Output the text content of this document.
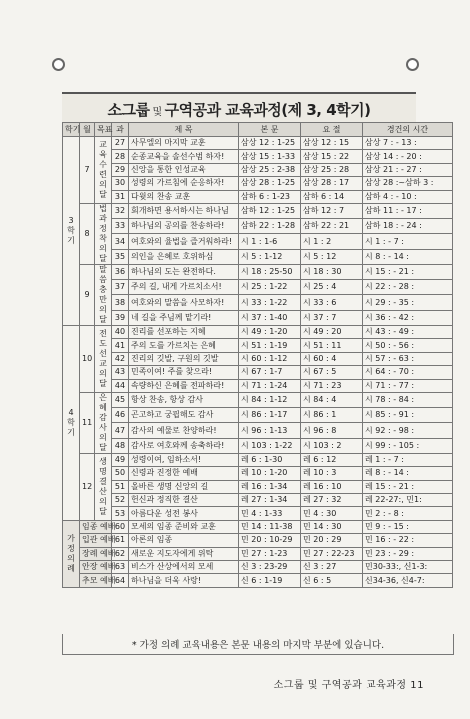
소그룹 및 구역공과 교육과정(제 3, 4학기)
학기	월	목표	과	제 목	본 문	요 절	경건의 시간
3 학 기	7	교육수련의달	27	사무엘의 마지막 교훈	삼상 12 : 1-25	삼상 12 : 15	삼상 7 : - 13 :
			28	순종교육을 솔선수범 하자!	삼상 15 : 1-33	삼상 15 : 22	삼상 14 : - 20 :
			29	신앙을 통한 인성교육	삼상 25 : 2-38	삼상 25 : 28	삼상 21 : - 27 :
			30	성령의 가르침에 순응하자!	삼상 28 : 1-25	삼상 28 : 17	삼상 28 :~삼하 3 :
			31	다윗의 찬송 교훈	삼하 6 : 1-23	삼하 6 : 14	삼하 4 : - 10 :
	8	법과정착의달	32	회개하면 용서하시는 하나님	삼하 12 : 1-25	삼하 12 : 7	삼하 11 : - 17 :
			33	하나님의 공의를 찬송하라!	삼하 22 : 1-28	삼하 22 : 21	삼하 18 : - 24 :
			34	여호와의 율법을 즐거워하라!	시 1 : 1-6	시 1 : 2	시 1 : - 7 :
			35	의인을 은혜로 호위하심	시 5 : 1-12	시 5 : 12	시 8 : - 14 :
	9	말씀충만의달	36	하나님의 도는 완전하다.	시 18 : 25-50	시 18 : 30	시 15 : - 21 :
			37	주의 길, 내게 가르치소서!	시 25 : 1-22	시 25 : 4	시 22 : - 28 :
			38	여호와의 말씀을 사모하자!	시 33 : 1-22	시 33 : 6	시 29 : - 35 :
			39	네 길을 주님께 맡기라!	시 37 : 1-40	시 37 : 7	시 36 : - 42 :
4 학 기	10	전도선교의달	40	진리를 선포하는 지혜	시 49 : 1-20	시 49 : 20	시 43 : - 49 :
			41	주의 도를 가르치는 은혜	시 51 : 1-19	시 51 : 11	시 50 : - 56 :
			42	진리의 깃발, 구원의 깃발	시 60 : 1-12	시 60 : 4	시 57 : - 63 :
			43	민족이여! 주를 찾으라!	시 67 : 1-7	시 67 : 5	시 64 : - 70 :
			44	속량하신 은혜를 전파하라!	시 71 : 1-24	시 71 : 23	시 71 : - 77 :
	11	은혜감사의달	45	항상 찬송, 항상 감사	시 84 : 1-12	시 84 : 4	시 78 : - 84 :
			46	곤고하고 궁핍해도 감사	시 86 : 1-17	시 86 : 1	시 85 : - 91 :
			47	감사의 예물로 찬양하라!	시 96 : 1-13	시 96 : 8	시 92 : - 98 :
			48	감사로 여호와께 송축하라!	시 103 : 1-22	시 103 : 2	시 99 : - 105 :
	12	생명결산의달	49	성령이여, 임하소서!	레 6 : 1-30	레 6 : 12	레 1 : - 7 :
			50	신령과 진정한 예배	레 10 : 1-20	레 10 : 3	레 8 : - 14 :
			51	올바른 생명 신앙의 길	레 16 : 1-34	레 16 : 10	레 15 : - 21 :
			52	헌신과 정직한 결산	레 27 : 1-34	레 27 : 32	레 22-27:, 민1:
			53	아름다운 성전 봉사	민 4 : 1-33	민 4 : 30	민 2 : - 8 :
가 정 의 례	임종 예배		60	모세의 임종 준비와 교훈	민 14 : 11-38	민 14 : 30	민 9 : - 15 :
	입관 예배		61	아론의 임종	민 20 : 10-29	민 20 : 29	민 16 : - 22 :
	장례 예배		62	새로운 지도자에게 위탁	민 27 : 1-23	민 27 : 22-23	민 23 : - 29 :
	안장 예배		63	비스가 산상에서의 모세	신 3 : 23-29	신 3 : 27	민30-33:, 신1-3:
	추모 예배		64	하나님을 더욱 사랑!	신 6 : 1-19	신 6 : 5	신34-36, 신4-7:
* 가정 의례 교육내용은 본문 내용의 마지막 부분에 있습니다.
소그룹 및 구역공과 교육과정 11
